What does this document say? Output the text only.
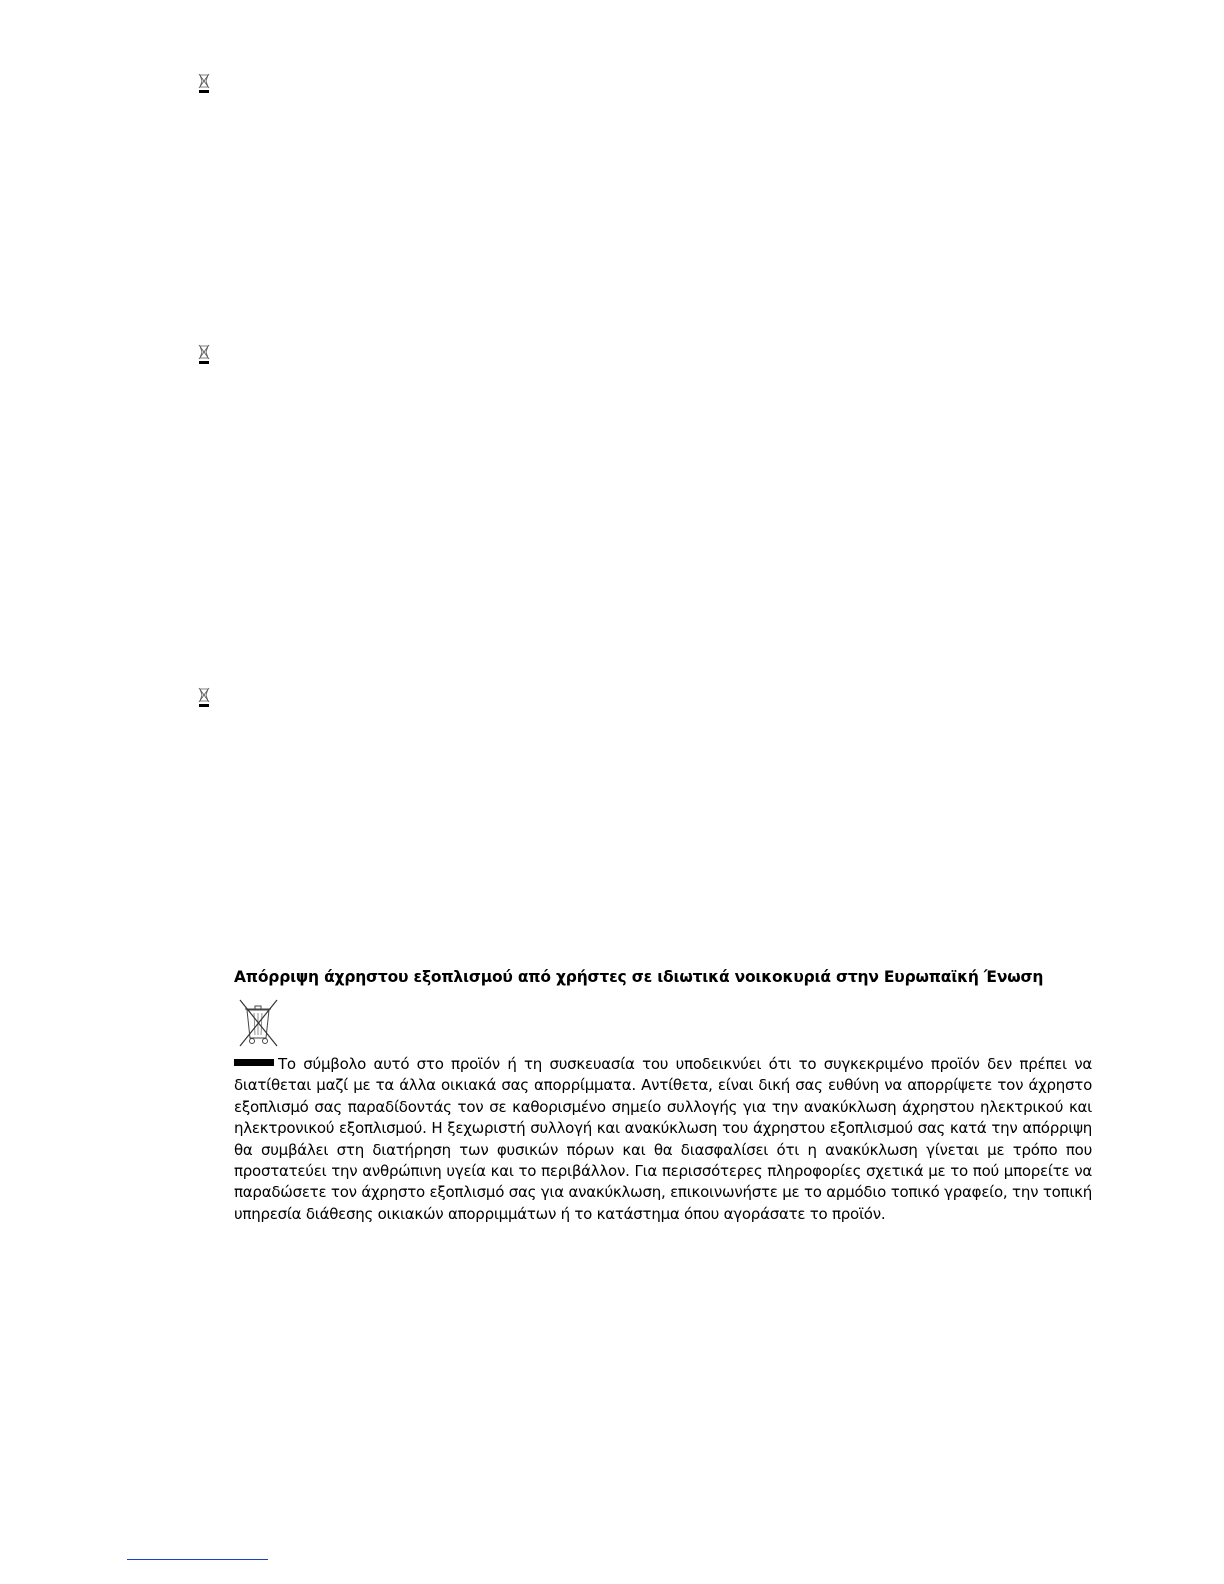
Απόρριψη άχρηστου εξοπλισμού από χρήστες σε ιδιωτικά νοικοκυριά στην Ευρωπαϊκή Ένωση

Το σύμβολο αυτό στο προϊόν ή τη συσκευασία του υποδεικνύει ότι το συγκεκριμένο προϊόν δεν πρέπει να διατίθεται μαζί με τα άλλα οικιακά σας απορρίμματα. Αντίθετα, είναι δική σας ευθύνη να απορρίψετε τον άχρηστο εξοπλισμό σας παραδίδοντάς τον σε καθορισμένο σημείο συλλογής για την ανακύκλωση άχρηστου ηλεκτρικού και ηλεκτρονικού εξοπλισμού. Η ξεχωριστή συλλογή και ανακύκλωση του άχρηστου εξοπλισμού σας κατά την απόρριψη θα συμβάλει στη διατήρηση των φυσικών πόρων και θα διασφαλίσει ότι η ανακύκλωση γίνεται με τρόπο που προστατεύει την ανθρώπινη υγεία και το περιβάλλον. Για περισσότερες πληροφορίες σχετικά με το πού μπορείτε να παραδώσετε τον άχρηστο εξοπλισμό σας για ανακύκλωση, επικοινωνήστε με το αρμόδιο τοπικό γραφείο, την τοπική υπηρεσία διάθεσης οικιακών απορριμμάτων ή το κατάστημα όπου αγοράσατε το προϊόν.
